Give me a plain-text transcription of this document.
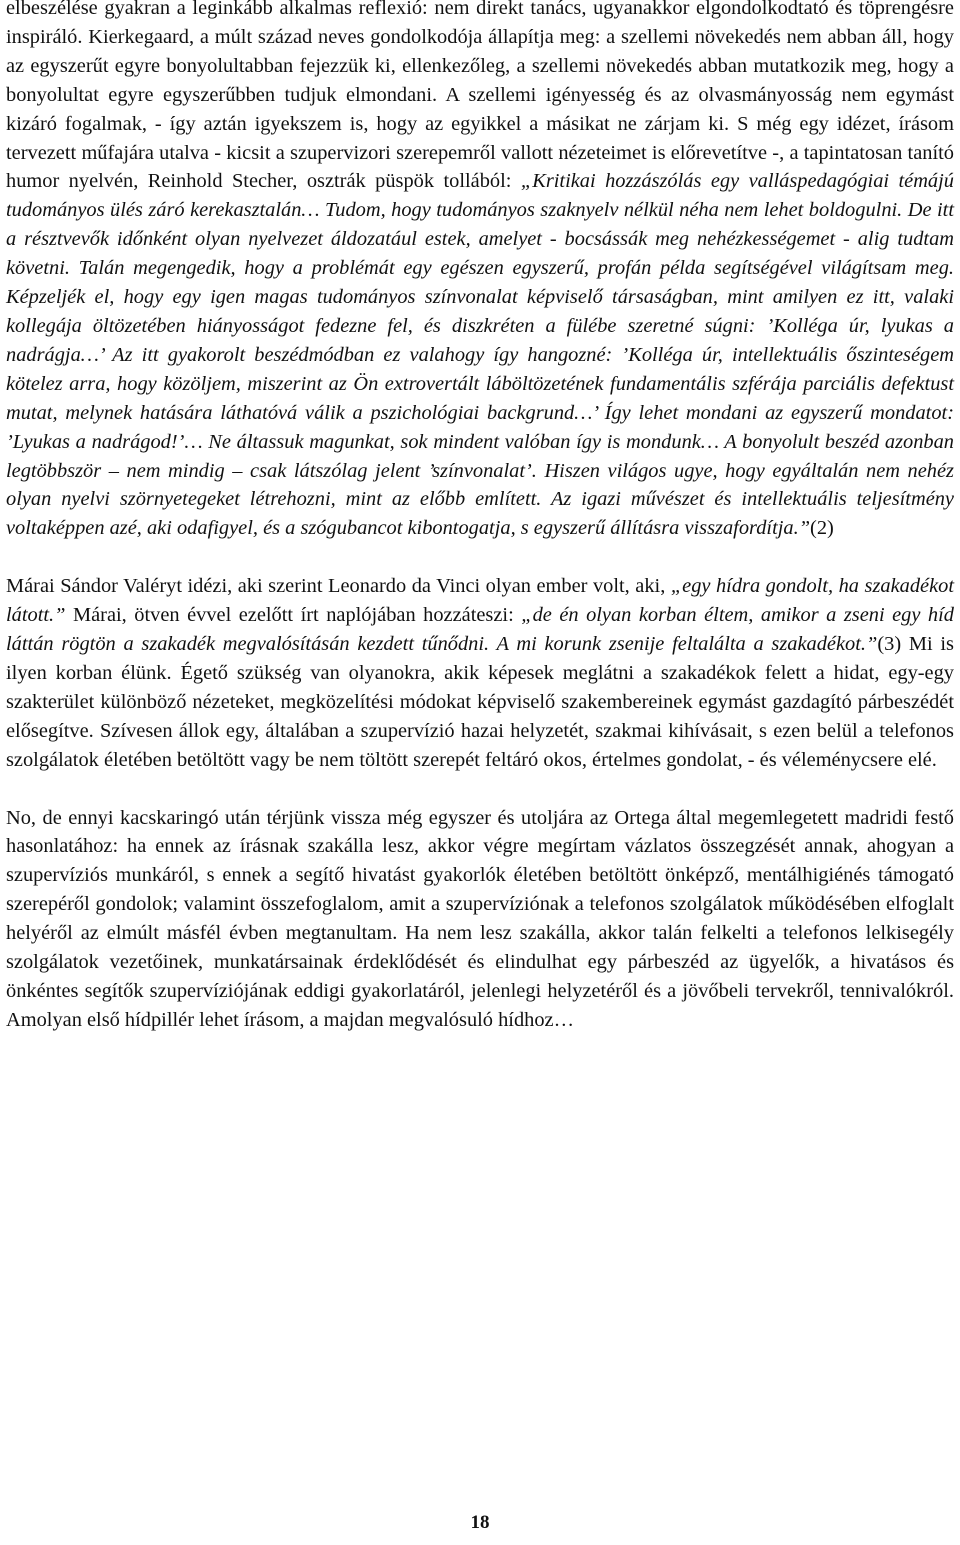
elbeszélése gyakran a leginkább alkalmas reflexió: nem direkt tanács, ugyanakkor elgondolkodtató és töprengésre inspiráló. Kierkegaard, a múlt század neves gondolkodója állapítja meg: a szellemi növekedés nem abban áll, hogy az egyszerűt egyre bonyolultabban fejezzük ki, ellenkezőleg, a szellemi növekedés abban mutatkozik meg, hogy a bonyolultat egyre egyszerűbben tudjuk elmondani. A szellemi igényesség és az olvasmányosság nem egymást kizáró fogalmak, - így aztán igyekszem is, hogy az egyikkel a másikat ne zárjam ki. S még egy idézet, írásom tervezett műfajára utalva - kicsit a szupervizori szerepemről vallott nézeteimet is előrevetítve -, a tapintatosan tanító humor nyelvén, Reinhold Stecher, osztrák püspök tollából: „Kritikai hozzászólás egy valláspedagógiai témájú tudományos ülés záró kerekasztalán… Tudom, hogy tudományos szaknyelv nélkül néha nem lehet boldogulni. De itt a résztvevők időnként olyan nyelvezet áldozatául estek, amelyet - bocsássák meg nehézkességemet - alig tudtam követni. Talán megengedik, hogy a problémát egy egészen egyszerű, profán példa segítségével világítsam meg. Képzeljék el, hogy egy igen magas tudományos színvonalat képviselő társaságban, mint amilyen ez itt, valaki kollegája öltözetében hiányosságot fedezne fel, és diszkréten a fülébe szeretné súgni: ’Kolléga úr, lyukas a nadrágja…’ Az itt gyakorolt beszédmódban ez valahogy így hangozné: ’Kolléga úr, intellektuális őszinteségem kötelez arra, hogy közöljem, miszerint az Ön extrovertált láböltözetének fundamentális szférája parciális defektust mutat, melynek hatására láthatóvá válik a pszichológiai backgrund…’ Így lehet mondani az egyszerű mondatot: ’Lyukas a nadrágod!’… Ne áltassuk magunkat, sok mindent valóban így is mondunk… A bonyolult beszéd azonban legtöbbször – nem mindig – csak látszólag jelent ’színvonalat’. Hiszen világos ugye, hogy egyáltalán nem nehéz olyan nyelvi szörnyetegeket létrehozni, mint az előbb említett. Az igazi művészet és intellektuális teljesítmény voltaképpen azé, aki odafigyel, és a szógubancot kibontogatja, s egyszerű állításra visszafordítja.”(2)

Márai Sándor Valéryt idézi, aki szerint Leonardo da Vinci olyan ember volt, aki, „egy hídra gondolt, ha szakadékot látott.” Márai, ötven évvel ezelőtt írt naplójában hozzáteszi: „de én olyan korban éltem, amikor a zseni egy híd láttán rögtön a szakadék megvalósításán kezdett tűnődni. A mi korunk zsenije feltalálta a szakadékot.”(3) Mi is ilyen korban élünk. Égető szükség van olyanokra, akik képesek meglátni a szakadékok felett a hidat, egy-egy szakterület különböző nézeteket, megközelítési módokat képviselő szakembereinek egymást gazdagító párbeszédét elősegítve. Szívesen állok egy, általában a szupervízió hazai helyzetét, szakmai kihívásait, s ezen belül a telefonos szolgálatok életében betöltött vagy be nem töltött szerepét feltáró okos, értelmes gondolat, - és véleménycsere elé.

No, de ennyi kacskaringó után térjünk vissza még egyszer és utoljára az Ortega által megemlegetett madridi festő hasonlatához: ha ennek az írásnak szakálla lesz, akkor végre megírtam vázlatos összegzését annak, ahogyan a szupervíziós munkáról, s ennek a segítő hivatást gyakorlók életében betöltött önképző, mentálhigiénés támogató szerepéről gondolok; valamint összefoglalom, amit a szupervíziónak a telefonos szolgálatok működésében elfoglalt helyéről az elmúlt másfél évben megtanultam. Ha nem lesz szakálla, akkor talán felkelti a telefonos lelkisegély szolgálatok vezetőinek, munkatársainak érdeklődését és elindulhat egy párbeszéd az ügyelők, a hivatásos és önkéntes segítők szupervíziójának eddigi gyakorlatáról, jelenlegi helyzetéről és a jövőbeli tervekről, tennivalókról. Amolyan első hídpillér lehet írásom, a majdan megvalósuló hídhoz…

18
